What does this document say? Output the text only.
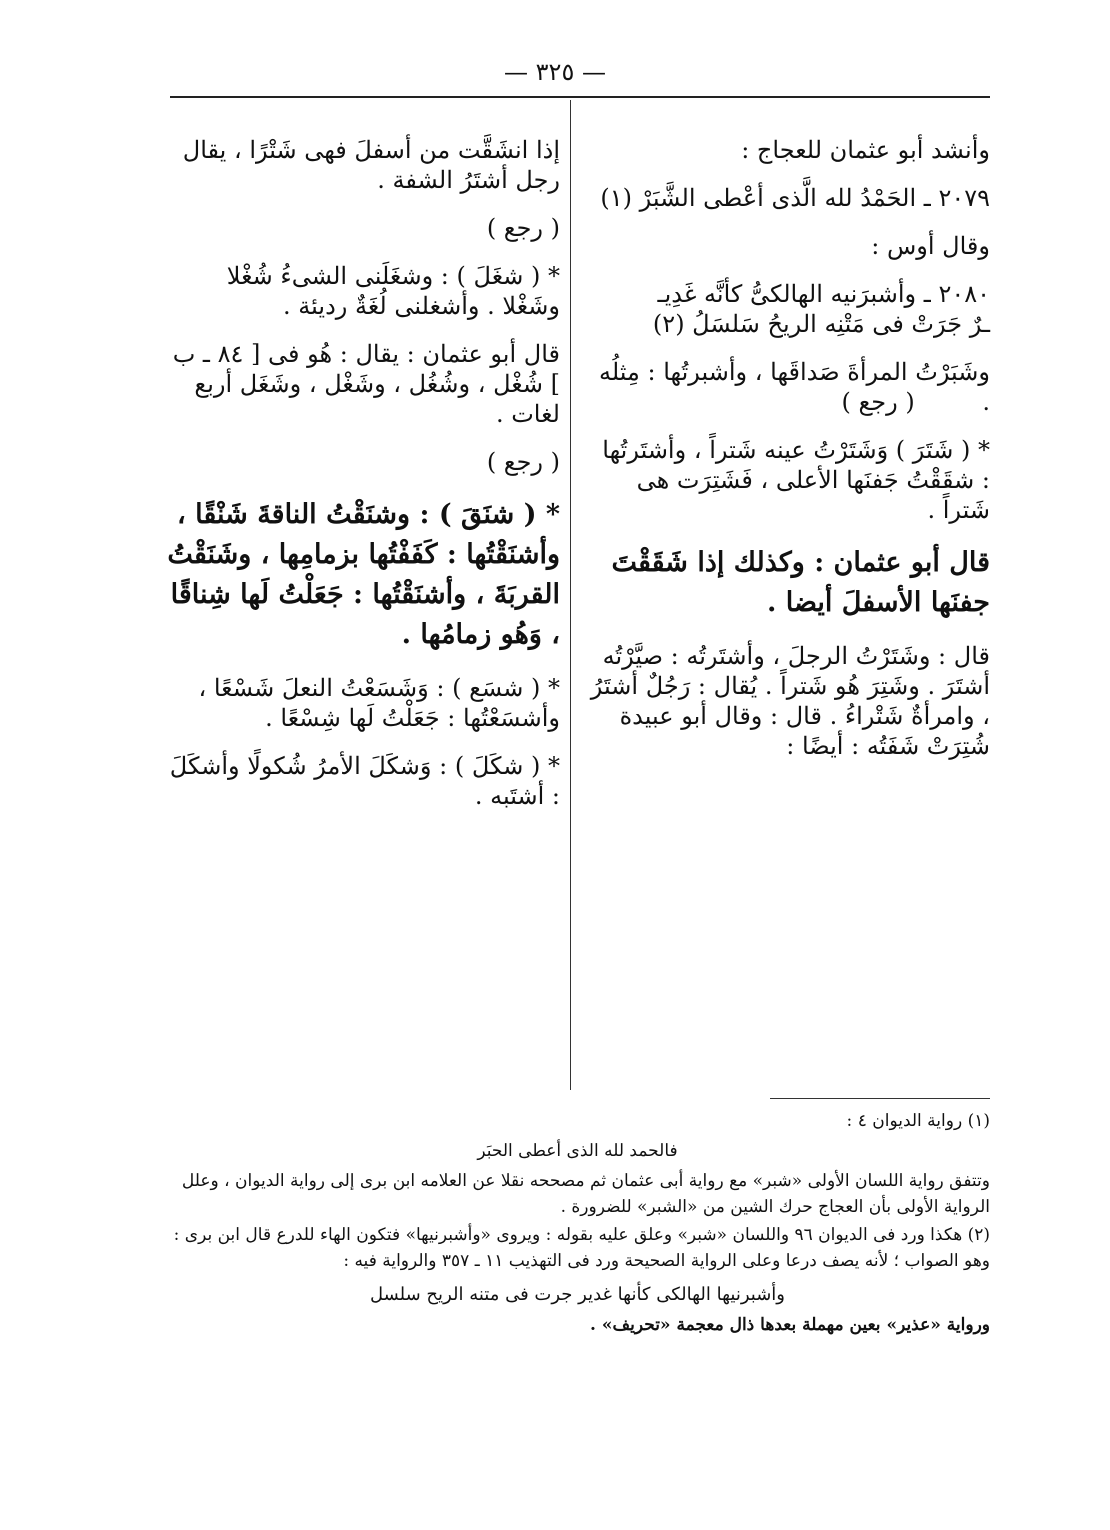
— ٣٢٥ —

وأنشد أبو عثمان للعجاج :

٢٠٧٩ ـ الحَمْدُ لله الَّذى أعْطى الشَّبَرْ (١)

وقال أوس :

٢٠٨٠ ـ وأشبرَنيه الهالكىُّ كأنَّه غَدِيـ
ـرٌ جَرَتْ فى مَتْنِه الريحُ سَلسَلُ (٢)

وشَبَرْتُ المرأةَ صَداقَها ، وأشبرتُها : مِثلُه . ( رجع )

* ( شَتَرَ ) وَشَتَرْتُ عينه شَتراً ، وأشتَرتُها : شقَقْتُ جَفنَها الأعلى ، فَشَتِرَت هى شَتراً .

قال أبو عثمان : وكذلك إذا شَقَقْتَ جفنَها الأسفلَ أيضا .

قال : وشَتَرْتُ الرجلَ ، وأشتَرتُه : صيَّرْتُه أشتَرَ . وشَتِرَ هُو شَتراً . يُقال : رَجُلٌ أشتَرُ ، وامرأةٌ شَتْراءُ . قال : وقال أبو عبيدة شُتِرَتْ شَفَتُه : أيضًا :

إذا انشَقَّت من أسفلَ فهى شَتْرًا ، يقال رجل أشتَرُ الشفة .

( رجع )

* ( شغَلَ ) : وشغَلَنى الشىءُ شُغْلا وشَغْلا . وأشغلنى لُغَةٌ رديئة .

قال أبو عثمان : يقال : هُو فى [ ٨٤ ـ ب ] شُغْل ، وشُغُل ، وشَغْل ، وشَغَل أربع لغات .

( رجع )

* ( شنَقَ ) : وشنَقْتُ الناقةَ شَنْقًا ، وأشنَقْتُها : كَفَفْتُها بزمامِها ، وشَنَقْتُ القربَةَ ، وأشنَقْتُها : جَعَلْتُ لَها شِناقًا ، وَهُو زمامُها .

* ( شسَع ) : وَشَسَعْتُ النعلَ شَسْعًا ، وأشسَعْتُها : جَعَلْتُ لَها شِسْعًا .

* ( شكَلَ ) : وَشكَلَ الأمرُ شُكولًا وأشكَلَ : أشتَبه .

(١) رواية الديوان ٤ :

فالحمد لله الذى أعطى الحبَر

وتتفق رواية اللسان الأولى «شبر» مع رواية أبى عثمان ثم مصححه نقلا عن العلامه ابن برى إلى رواية الديوان ، وعلل الرواية الأولى بأن العجاج حرك الشين من «الشبر» للضرورة .

(٢) هكذا ورد فى الديوان ٩٦ واللسان «شبر» وعلق عليه بقوله : ويروى «وأشبرنيها» فتكون الهاء للدرع قال ابن برى : وهو الصواب ؛ لأنه يصف درعا وعلى الرواية الصحيحة ورد فى التهذيب ١١ ـ ٣٥٧ والرواية فيه :

وأشبرنيها الهالكى كأنها غدير جرت فى متنه الريح سلسل

ورواية «عذير» بعين مهملة بعدها ذال معجمة «تحريف» .
